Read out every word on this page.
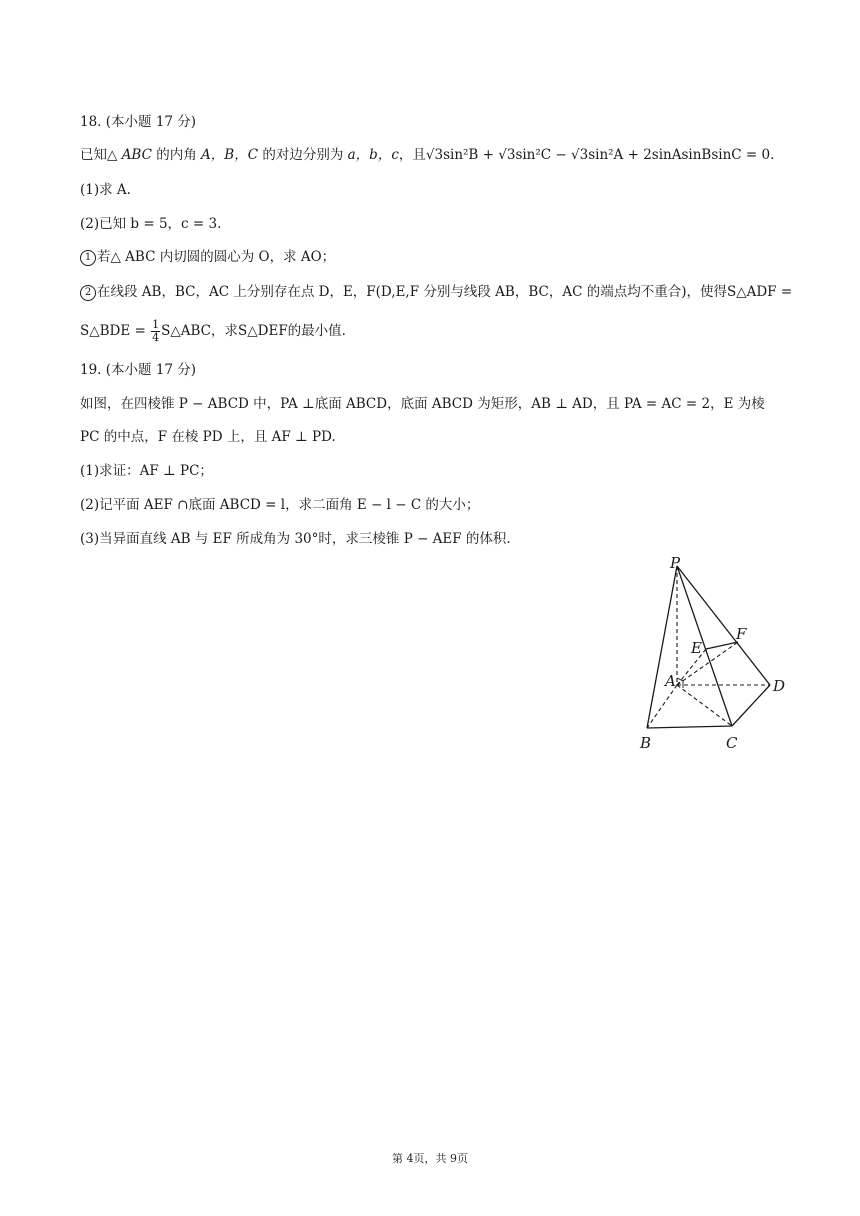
18. (本小题 17 分)
已知△ ABC 的内角 A，B，C 的对边分别为 a，b，c，且√3sin²B + √3sin²C − √3sin²A + 2sinAsinBsinC = 0.
(1)求 A.
(2)已知 b = 5，c = 3.
1 若△ ABC 内切圆的圆心为 O，求 AO；
2 在线段 AB，BC，AC 上分别存在点 D，E，F(D,E,F 分别与线段 AB，BC，AC 的端点均不重合)，使得S△ADF =
S△BDE = $\frac{1}{4}$ S△ABC，求S△DEF的最小值.
19. (本小题 17 分)
如图，在四棱锥 P − ABCD 中，PA ⊥底面 ABCD，底面 ABCD 为矩形，AB ⊥ AD，且 PA = AC = 2，E 为棱
PC 的中点，F 在棱 PD 上，且 AF ⊥ PD.
(1)求证：AF ⊥ PC；
(2)记平面 AEF ∩底面 ABCD = l，求二面角 E − l − C 的大小；
(3)当异面直线 AB 与 EF 所成角为 30°时，求三棱锥 P − AEF 的体积.
P
E
F
A	D
B	C
第 4页，共 9页
